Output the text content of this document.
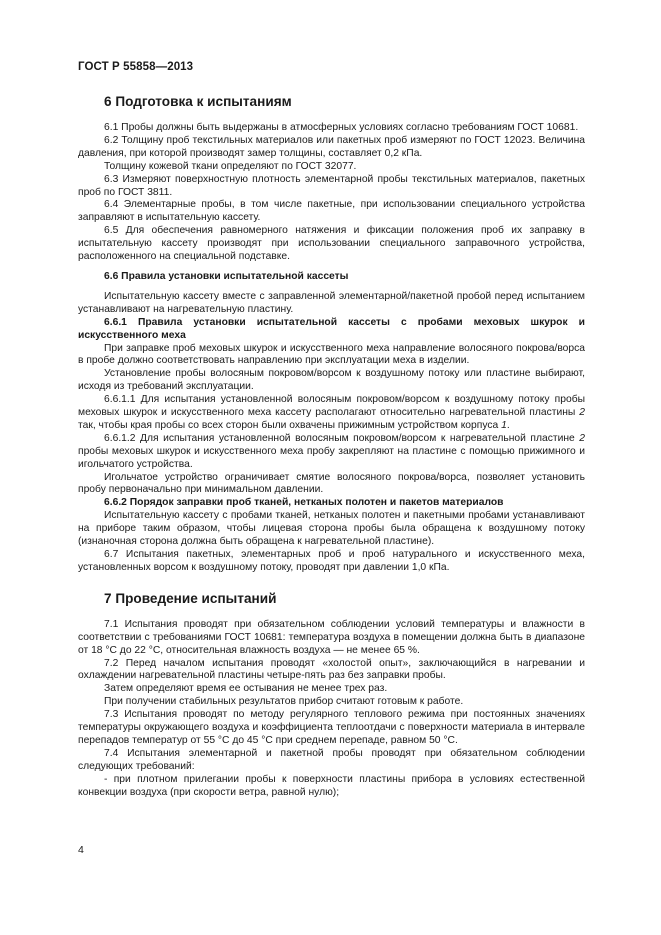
ГОСТ Р 55858—2013
6 Подготовка к испытаниям

6.1 Пробы должны быть выдержаны в атмосферных условиях согласно требованиям ГОСТ 10681.

6.2 Толщину проб текстильных материалов или пакетных проб измеряют по ГОСТ 12023. Величина давления, при которой производят замер толщины, составляет 0,2 кПа.

Толщину кожевой ткани определяют по ГОСТ 32077.

6.3 Измеряют поверхностную плотность элементарной пробы текстильных материалов, пакетных проб по ГОСТ 3811.

6.4 Элементарные пробы, в том числе пакетные, при использовании специального устройства заправляют в испытательную кассету.

6.5 Для обеспечения равномерного натяжения и фиксации положения проб их заправку в испытательную кассету производят при использовании специального заправочного устройства, расположенного на специальной подставке.

6.6 Правила установки испытательной кассеты

Испытательную кассету вместе с заправленной элементарной/пакетной пробой перед испытанием устанавливают на нагревательную пластину.

6.6.1 Правила установки испытательной кассеты с пробами меховых шкурок и искусственного меха

При заправке проб меховых шкурок и искусственного меха направление волосяного покрова/ворса в пробе должно соответствовать направлению при эксплуатации меха в изделии.

Установление пробы волосяным покровом/ворсом к воздушному потоку или пластине выбирают, исходя из требований эксплуатации.

6.6.1.1 Для испытания установленной волосяным покровом/ворсом к воздушному потоку пробы меховых шкурок и искусственного меха кассету располагают относительно нагревательной пластины 2 так, чтобы края пробы со всех сторон были охвачены прижимным устройством корпуса 1.

6.6.1.2 Для испытания установленной волосяным покровом/ворсом к нагревательной пластине 2 пробы меховых шкурок и искусственного меха пробу закрепляют на пластине с помощью прижимного и игольчатого устройства.

Игольчатое устройство ограничивает смятие волосяного покрова/ворса, позволяет установить пробу первоначально при минимальном давлении.

6.6.2 Порядок заправки проб тканей, нетканых полотен и пакетов материалов

Испытательную кассету с пробами тканей, нетканых полотен и пакетными пробами устанавливают на приборе таким образом, чтобы лицевая сторона пробы была обращена к воздушному потоку (изнаночная сторона должна быть обращена к нагревательной пластине).

6.7 Испытания пакетных, элементарных проб и проб натурального и искусственного меха, установленных ворсом к воздушному потоку, проводят при давлении 1,0 кПа.

7 Проведение испытаний

7.1 Испытания проводят при обязательном соблюдении условий температуры и влажности в соответствии с требованиями ГОСТ 10681: температура воздуха в помещении должна быть в диапазоне от 18 °С до 22 °С, относительная влажность воздуха — не менее 65 %.

7.2 Перед началом испытания проводят «холостой опыт», заключающийся в нагревании и охлаждении нагревательной пластины четыре-пять раз без заправки пробы.

Затем определяют время ее остывания не менее трех раз.

При получении стабильных результатов прибор считают готовым к работе.

7.3 Испытания проводят по методу регулярного теплового режима при постоянных значениях температуры окружающего воздуха и коэффициента теплоотдачи с поверхности материала в интервале перепадов температур от 55 °С до 45 °С при среднем перепаде, равном 50 °С.

7.4 Испытания элементарной и пакетной пробы проводят при обязательном соблюдении следующих требований:

- при плотном прилегании пробы к поверхности пластины прибора в условиях естественной конвекции воздуха (при скорости ветра, равной нулю);

4
